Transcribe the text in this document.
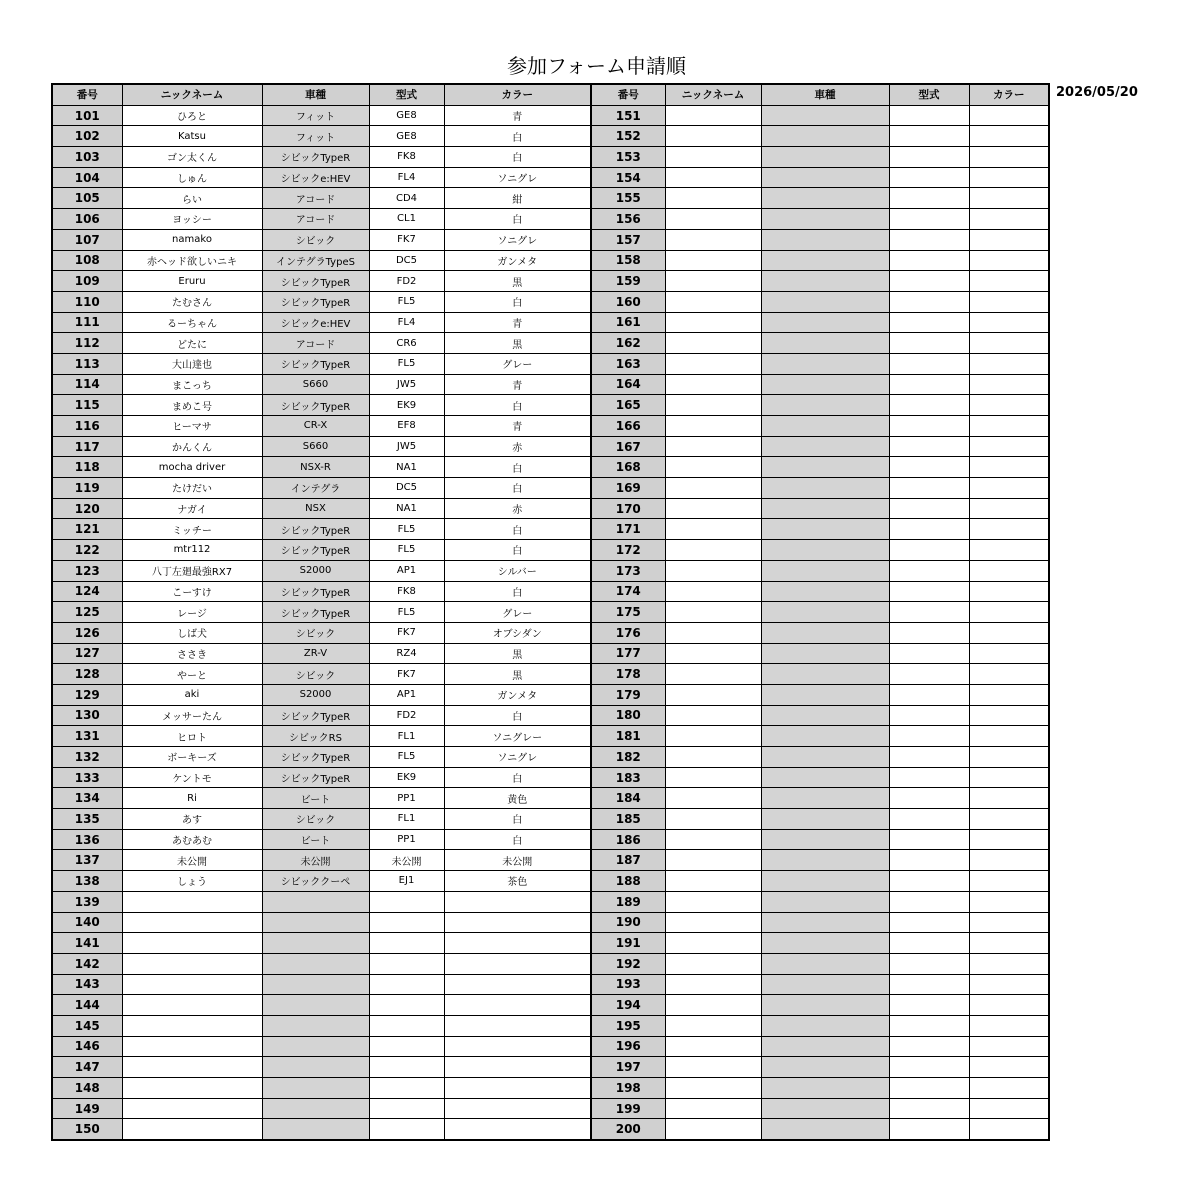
参加フォーム申請順
2026/05/20
番号	ニックネーム	車種	型式	カラー	番号	ニックネーム	車種	型式	カラー
101	ひろと	フィット	GE8	青	151				
102	Katsu	フィット	GE8	白	152				
103	ゴン太くん	シビックTypeR	FK8	白	153				
104	しゅん	シビックe:HEV	FL4	ソニグレ	154				
105	らい	アコード	CD4	紺	155				
106	ヨッシー	アコード	CL1	白	156				
107	namako	シビック	FK7	ソニグレ	157				
108	赤ヘッド欲しいニキ	インテグラTypeS	DC5	ガンメタ	158				
109	Eruru	シビックTypeR	FD2	黒	159				
110	たむさん	シビックTypeR	FL5	白	160				
111	るーちゃん	シビックe:HEV	FL4	青	161				
112	どたに	アコード	CR6	黒	162				
113	大山達也	シビックTypeR	FL5	グレー	163				
114	まこっち	S660	JW5	青	164				
115	まめこ号	シビックTypeR	EK9	白	165				
116	ヒーマサ	CR-X	EF8	青	166				
117	かんくん	S660	JW5	赤	167				
118	mocha driver	NSX-R	NA1	白	168				
119	たけだい	インテグラ	DC5	白	169				
120	ナガイ	NSX	NA1	赤	170				
121	ミッチー	シビックTypeR	FL5	白	171				
122	mtr112	シビックTypeR	FL5	白	172				
123	八丁左廻最強RX7	S2000	AP1	シルバー	173				
124	こーすけ	シビックTypeR	FK8	白	174				
125	レージ	シビックTypeR	FL5	グレー	175				
126	しば犬	シビック	FK7	オブシダン	176				
127	ささき	ZR-V	RZ4	黒	177				
128	やーと	シビック	FK7	黒	178				
129	aki	S2000	AP1	ガンメタ	179				
130	メッサーたん	シビックTypeR	FD2	白	180				
131	ヒロト	シビックRS	FL1	ソニグレー	181				
132	ボーキーズ	シビックTypeR	FL5	ソニグレ	182				
133	ケントモ	シビックTypeR	EK9	白	183				
134	Ri	ビート	PP1	黄色	184				
135	あす	シビック	FL1	白	185				
136	あむあむ	ビート	PP1	白	186				
137	未公開	未公開	未公開	未公開	187				
138	しょう	シビッククーペ	EJ1	茶色	188				
139					189				
140					190				
141					191				
142					192				
143					193				
144					194				
145					195				
146					196				
147					197				
148					198				
149					199				
150					200				
